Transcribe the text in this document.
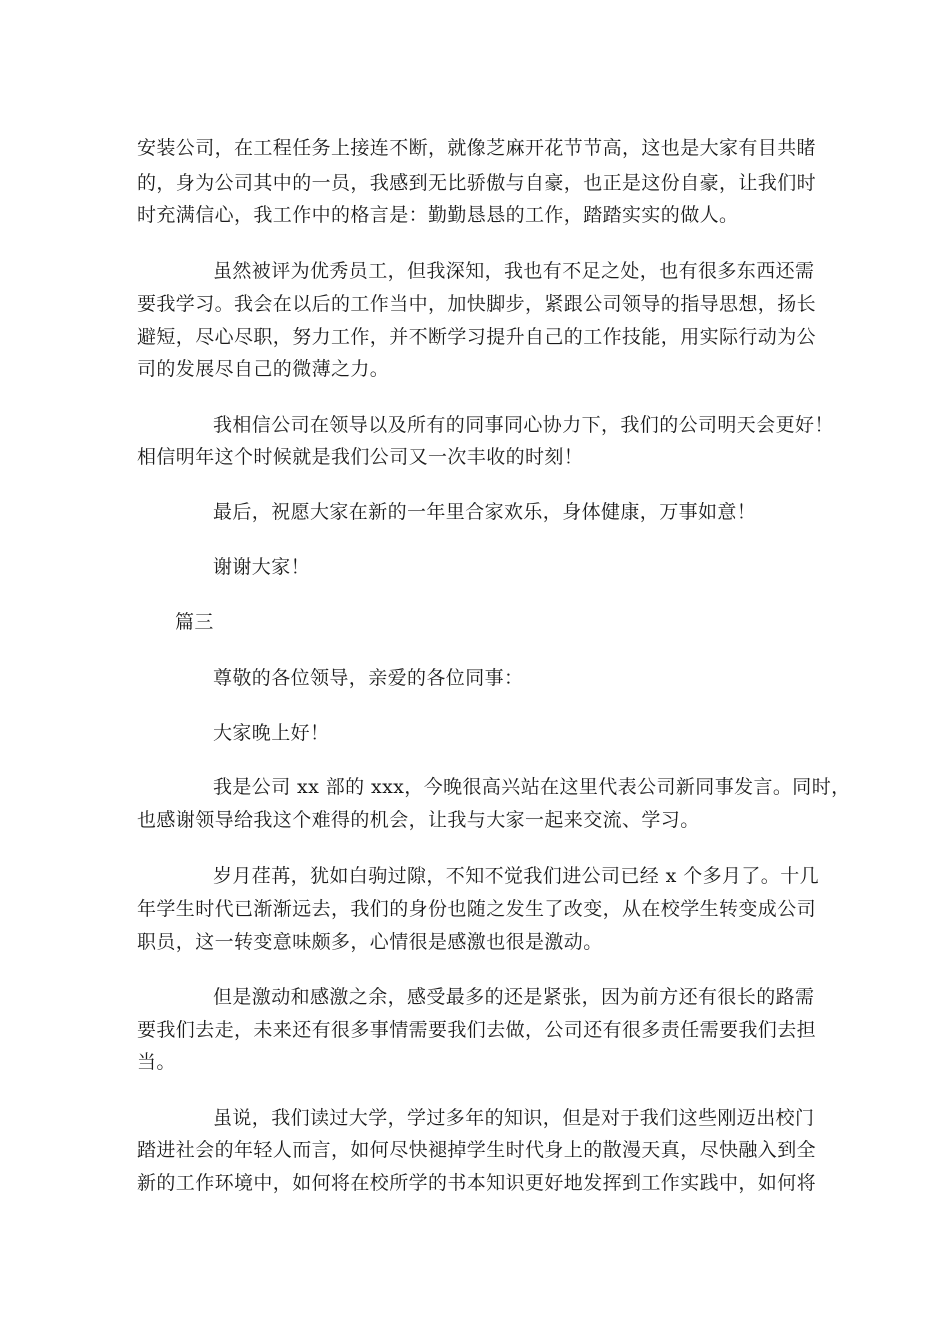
安装公司，在工程任务上接连不断，就像芝麻开花节节高，这也是大家有目共睹
的，身为公司其中的一员，我感到无比骄傲与自豪，也正是这份自豪，让我们时
时充满信心，我工作中的格言是：勤勤恳恳的工作，踏踏实实的做人。
虽然被评为优秀员工，但我深知，我也有不足之处，也有很多东西还需
要我学习。我会在以后的工作当中，加快脚步，紧跟公司领导的指导思想，扬长
避短，尽心尽职，努力工作，并不断学习提升自己的工作技能，用实际行动为公
司的发展尽自己的微薄之力。
我相信公司在领导以及所有的同事同心协力下，我们的公司明天会更好！
相信明年这个时候就是我们公司又一次丰收的时刻！
最后，祝愿大家在新的一年里合家欢乐，身体健康，万事如意！
谢谢大家！
篇三
尊敬的各位领导，亲爱的各位同事：
大家晚上好！
我是公司 xx 部的 xxx，今晚很高兴站在这里代表公司新同事发言。同时，
也感谢领导给我这个难得的机会，让我与大家一起来交流、学习。
岁月荏苒，犹如白驹过隙，不知不觉我们进公司已经 x 个多月了。十几
年学生时代已渐渐远去，我们的身份也随之发生了改变，从在校学生转变成公司
职员，这一转变意味颇多，心情很是感激也很是激动。
但是激动和感激之余，感受最多的还是紧张，因为前方还有很长的路需
要我们去走，未来还有很多事情需要我们去做，公司还有很多责任需要我们去担
当。
虽说，我们读过大学，学过多年的知识，但是对于我们这些刚迈出校门
踏进社会的年轻人而言，如何尽快褪掉学生时代身上的散漫天真，尽快融入到全
新的工作环境中，如何将在校所学的书本知识更好地发挥到工作实践中，如何将
